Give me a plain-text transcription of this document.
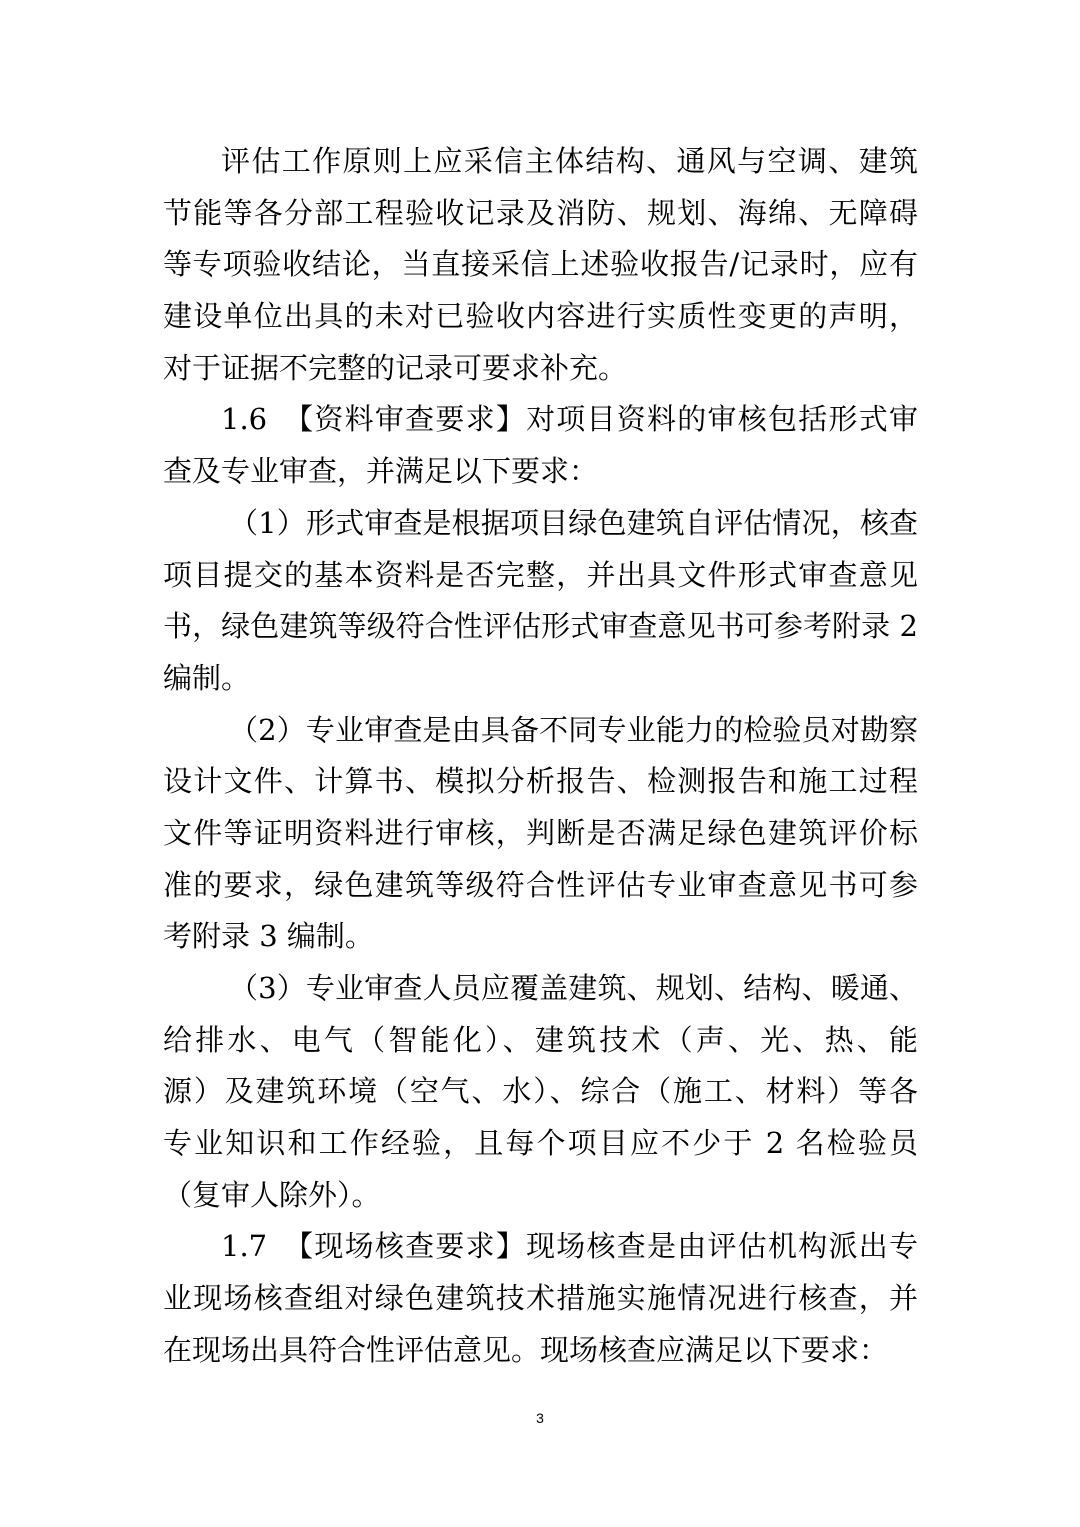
评估工作原则上应采信主体结构、通风与空调、建筑
节能等各分部工程验收记录及消防、规划、海绵、无障碍
等专项验收结论，当直接采信上述验收报告/记录时，应有
建设单位出具的未对已验收内容进行实质性变更的声明，
对于证据不完整的记录可要求补充。
1.6　【资料审查要求】对项目资料的审核包括形式审
查及专业审查，并满足以下要求：
（1）形式审查是根据项目绿色建筑自评估情况，核查
项目提交的基本资料是否完整，并出具文件形式审查意见
书，绿色建筑等级符合性评估形式审查意见书可参考附录 2
编制。
（2）专业审查是由具备不同专业能力的检验员对勘察
设计文件、计算书、模拟分析报告、检测报告和施工过程
文件等证明资料进行审核，判断是否满足绿色建筑评价标
准的要求，绿色建筑等级符合性评估专业审查意见书可参
考附录 3 编制。
（3）专业审查人员应覆盖建筑、规划、结构、暖通、
给排水、电气（智能化）、建筑技术（声、光、热、能
源）及建筑环境（空气、水）、综合（施工、材料）等各
专业知识和工作经验，且每个项目应不少于 2 名检验员
（复审人除外）。
1.7　【现场核查要求】现场核查是由评估机构派出专
业现场核查组对绿色建筑技术措施实施情况进行核查，并
在现场出具符合性评估意见。现场核查应满足以下要求：
3
